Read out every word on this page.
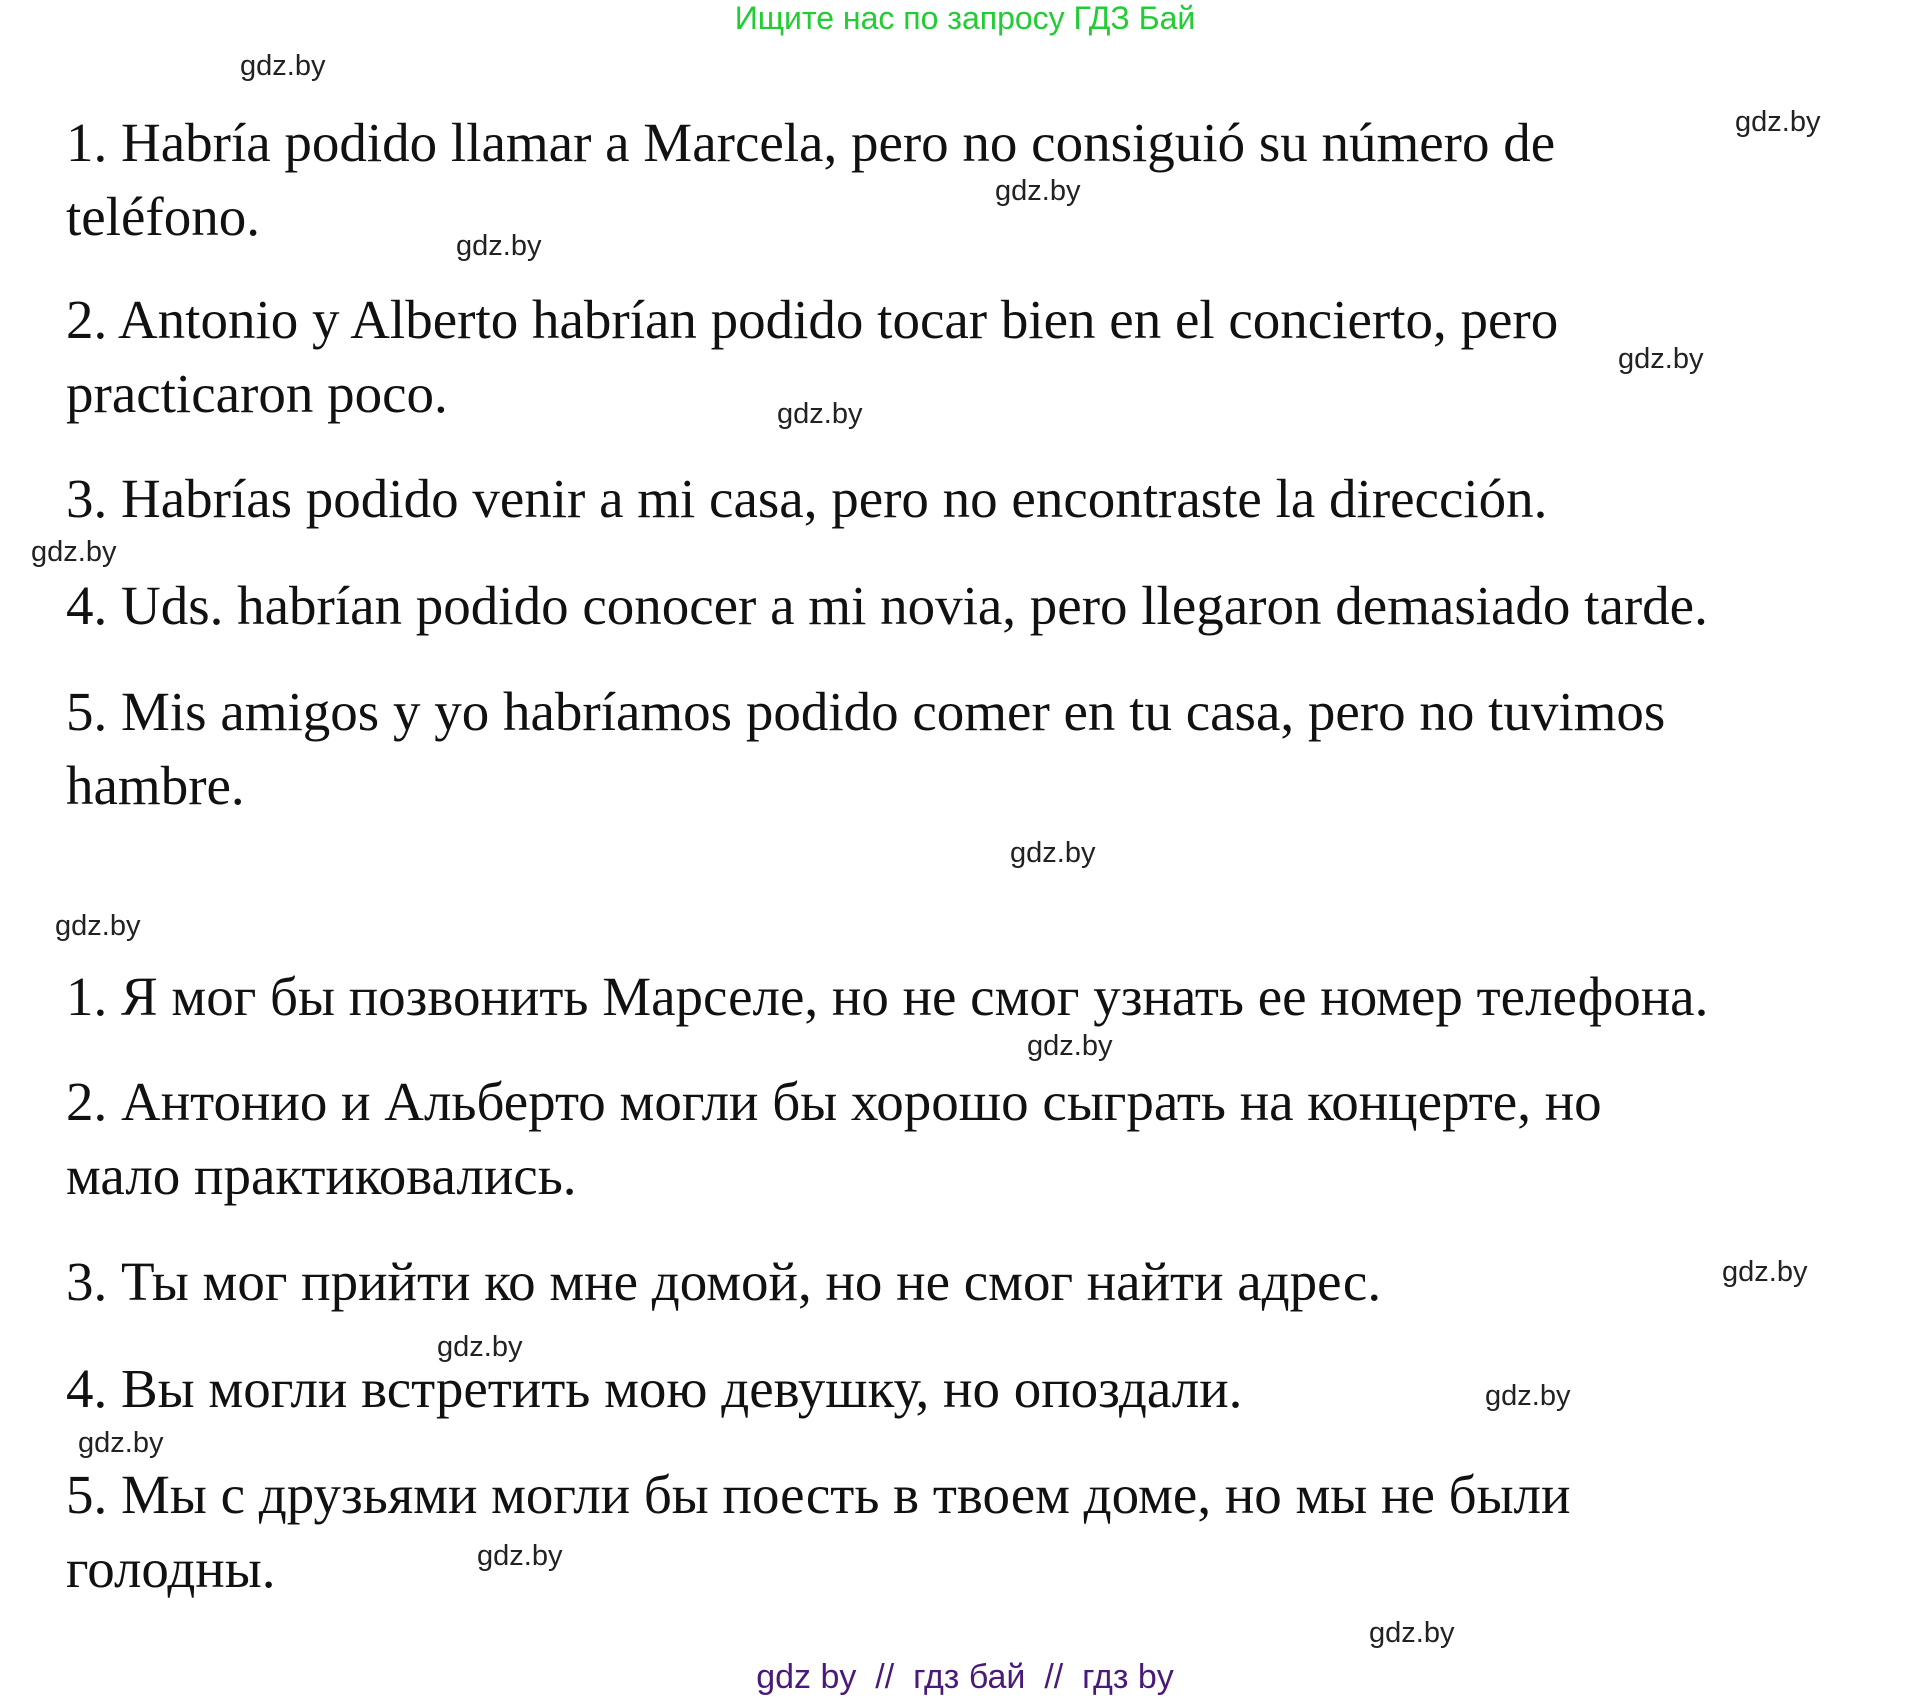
Ищите нас по запросу ГДЗ Бай
1. Habría podido llamar a Marcela, pero no consiguió su número de
teléfono.
2. Antonio y Alberto habrían podido tocar bien en el concierto, pero
practicaron poco.
3. Habrías podido venir a mi casa, pero no encontraste la dirección.
4. Uds. habrían podido conocer a mi novia, pero llegaron demasiado tarde.
5. Mis amigos y yo habríamos podido comer en tu casa, pero no tuvimos
hambre.
1. Я мог бы позвонить Марселе, но не смог узнать ее номер телефона.
2. Антонио и Альберто могли бы хорошо сыграть на концерте, но
мало практиковались.
3. Ты мог прийти ко мне домой, но не смог найти адрес.
4. Вы могли встретить мою девушку, но опоздали.
5. Мы с друзьями могли бы поесть в твоем доме, но мы не были
голодны.
gdz.by
gdz.by
gdz.by
gdz.by
gdz.by
gdz.by
gdz.by
gdz.by
gdz.by
gdz.by
gdz.by
gdz.by
gdz.by
gdz.by
gdz.by
gdz.by
gdz by  //  гдз бай  //  гдз by
